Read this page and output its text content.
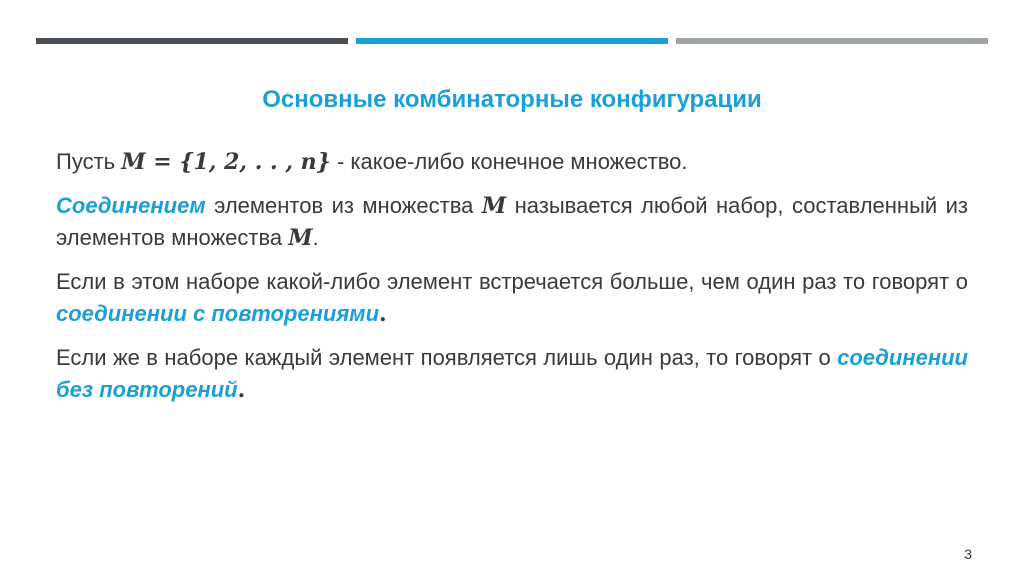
Основные комбинаторные конфигурации

Пусть M = {1, 2, . . , n} - какое-либо конечное множество.

Соединением элементов из множества M называется любой набор, составленный из элементов множества M.

Если в этом наборе какой-либо элемент встречается больше, чем один раз то говорят о соединении с повторениями.

Если же в наборе каждый элемент появляется лишь один раз, то говорят о соединении без повторений.

3
